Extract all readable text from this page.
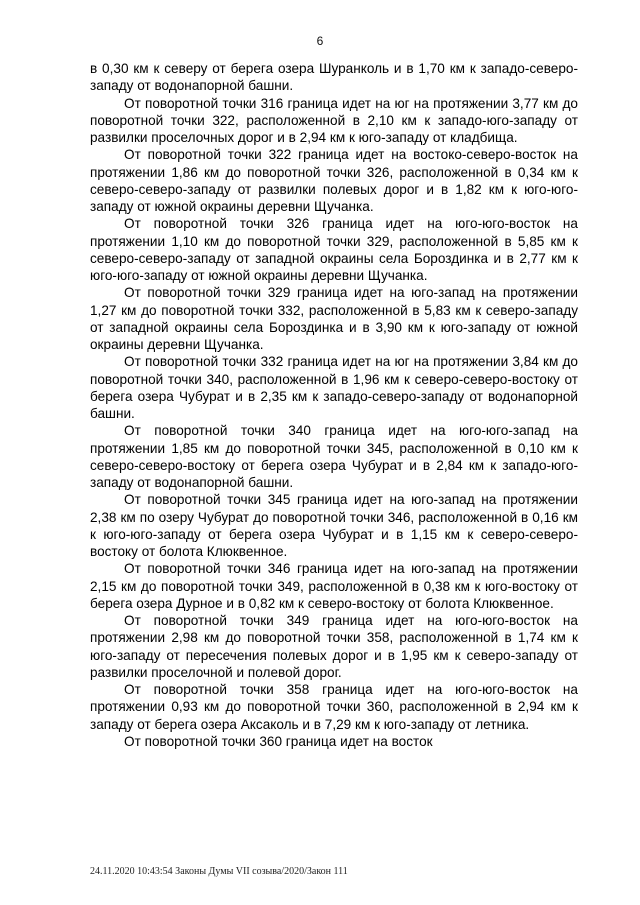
6

в 0,30 км к северу от берега озера Шуранколь и в 1,70 км к западо-северо-западу от водонапорной башни.

От поворотной точки 316 граница идет на юг на протяжении 3,77 км до поворотной точки 322, расположенной в 2,10 км к западо-юго-западу от развилки проселочных дорог и в 2,94 км к юго-западу от кладбища.

От поворотной точки 322 граница идет на востоко-северо-восток на протяжении 1,86 км до поворотной точки 326, расположенной в 0,34 км к северо-северо-западу от развилки полевых дорог и в 1,82 км к юго-юго-западу от южной окраины деревни Щучанка.

От поворотной точки 326 граница идет на юго-юго-восток на протяжении 1,10 км до поворотной точки 329, расположенной в 5,85 км к северо-северо-западу от западной окраины села Бороздинка и в 2,77 км к юго-юго-западу от южной окраины деревни Щучанка.

От поворотной точки 329 граница идет на юго-запад на протяжении 1,27 км до поворотной точки 332, расположенной в 5,83 км к северо-западу от западной окраины села Бороздинка и в 3,90 км к юго-западу от южной окраины деревни Щучанка.

От поворотной точки 332 граница идет на юг на протяжении 3,84 км до поворотной точки 340, расположенной в 1,96 км к северо-северо-востоку от берега озера Чубурат и в 2,35 км к западо-северо-западу от водонапорной башни.

От поворотной точки 340 граница идет на юго-юго-запад на протяжении 1,85 км до поворотной точки 345, расположенной в 0,10 км к северо-северо-востоку от берега озера Чубурат и в 2,84 км к западо-юго-западу от водонапорной башни.

От поворотной точки 345 граница идет на юго-запад на протяжении 2,38 км по озеру Чубурат до поворотной точки 346, расположенной в 0,16 км к юго-юго-западу от берега озера Чубурат и в 1,15 км к северо-северо-востоку от болота Клюквенное.

От поворотной точки 346 граница идет на юго-запад на протяжении 2,15 км до поворотной точки 349, расположенной в 0,38 км к юго-востоку от берега озера Дурное и в 0,82 км к северо-востоку от болота Клюквенное.

От поворотной точки 349 граница идет на юго-юго-восток на протяжении 2,98 км до поворотной точки 358, расположенной в 1,74 км к юго-западу от пересечения полевых дорог и в 1,95 км к северо-западу от развилки проселочной и полевой дорог.

От поворотной точки 358 граница идет на юго-юго-восток на протяжении 0,93 км до поворотной точки 360, расположенной в 2,94 км к западу от берега озера Аксаколь и в 7,29 км к юго-западу от летника.

От поворотной точки 360 граница идет на восток

24.11.2020 10:43:54 Законы Думы VII созыва/2020/Закон 111
